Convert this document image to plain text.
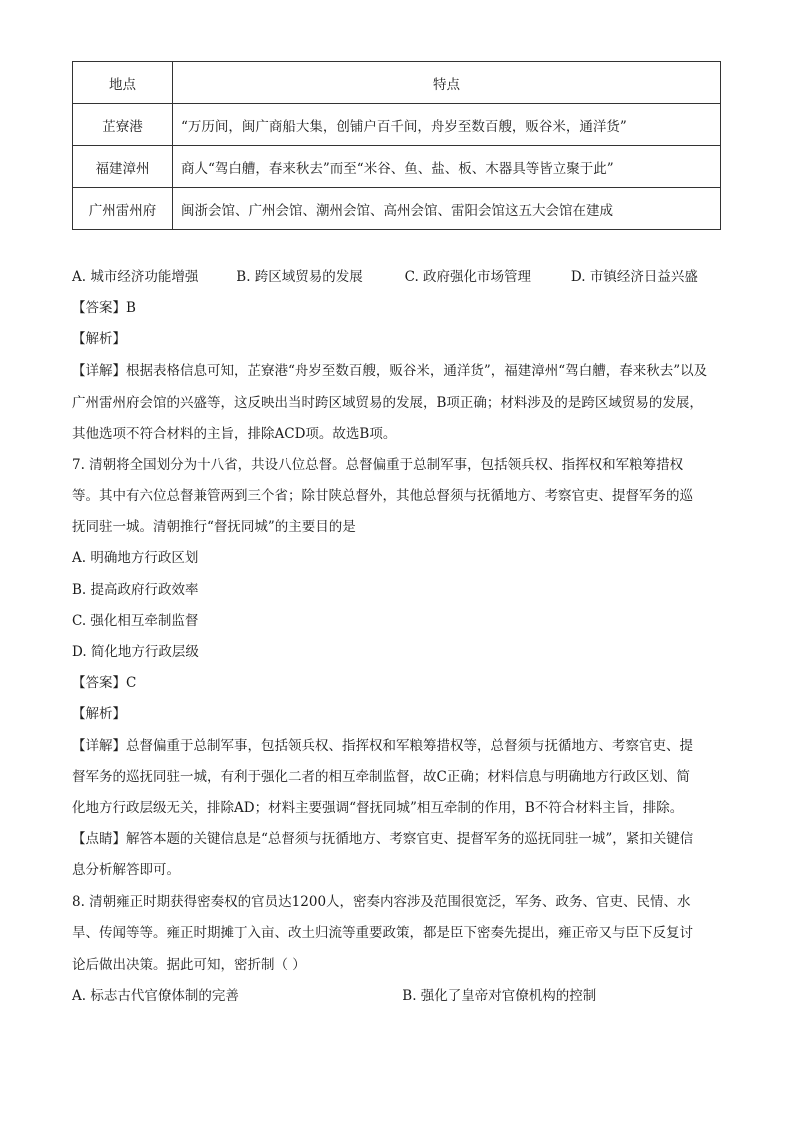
地点	特点
芷寮港	“万历间，闽广商船大集，创铺户百千间，舟岁至数百艘，贩谷米，通洋货”
福建漳州	商人“驾白艚，春来秋去”而至“米谷、鱼、盐、板、木器具等皆立聚于此”
广州雷州府	闽浙会馆、广州会馆、潮州会馆、高州会馆、雷阳会馆这五大会馆在建成
A. 城市经济功能增强	B. 跨区域贸易的发展	C. 政府强化市场管理	D. 市镇经济日益兴盛
【答案】B
【解析】
【详解】根据表格信息可知，芷寮港“舟岁至数百艘，贩谷米，通洋货”，福建漳州“驾白艚，春来秋去”以及
广州雷州府会馆的兴盛等，这反映出当时跨区域贸易的发展，B项正确；材料涉及的是跨区域贸易的发展，
其他选项不符合材料的主旨，排除ACD项。故选B项。
7. 清朝将全国划分为十八省，共设八位总督。总督偏重于总制军事，包括领兵权、指挥权和军粮筹措权
等。其中有六位总督兼管两到三个省；除甘陕总督外，其他总督须与抚循地方、考察官吏、提督军务的巡
抚同驻一城。清朝推行“督抚同城”的主要目的是
A. 明确地方行政区划
B. 提高政府行政效率
C. 强化相互牵制监督
D. 简化地方行政层级
【答案】C
【解析】
【详解】总督偏重于总制军事，包括领兵权、指挥权和军粮筹措权等，总督须与抚循地方、考察官吏、提
督军务的巡抚同驻一城，有利于强化二者的相互牵制监督，故C正确；材料信息与明确地方行政区划、简
化地方行政层级无关，排除AD；材料主要强调“督抚同城”相互牵制的作用，B不符合材料主旨，排除。
【点睛】解答本题的关键信息是“总督须与抚循地方、考察官吏、提督军务的巡抚同驻一城”，紧扣关键信
息分析解答即可。
8. 清朝雍正时期获得密奏权的官员达1200人，密奏内容涉及范围很宽泛，军务、政务、官吏、民情、水
旱、传闻等等。雍正时期摊丁入亩、改土归流等重要政策，都是臣下密奏先提出，雍正帝又与臣下反复讨
论后做出决策。据此可知，密折制（ ）
A. 标志古代官僚体制的完善	B. 强化了皇帝对官僚机构的控制
